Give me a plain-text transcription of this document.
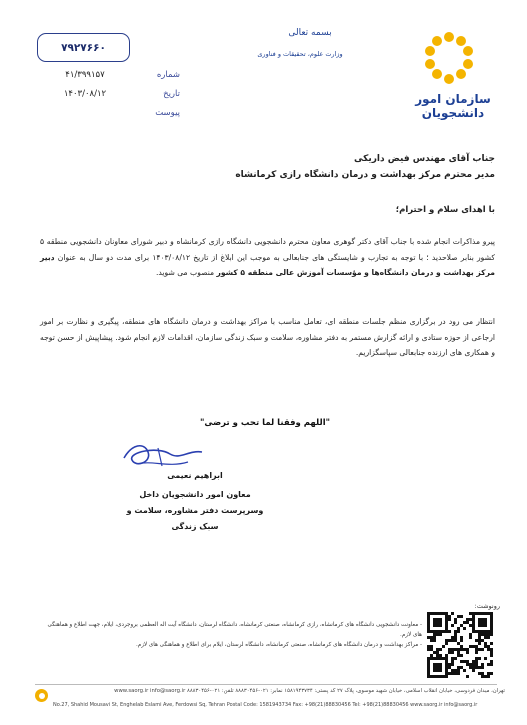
سازمان امور
دانشجویان
بسمه تعالی
وزارت علوم، تحقیقات و فناوری
۷۹۲۷۶۶۰
شماره
۴۱/۳۹۹۱۵۷
تاریخ
۱۴۰۳/۰۸/۱۲
پیوست
جناب آقای مهندس فیض داریکی
مدیر محترم مرکز بهداشت و درمان دانشگاه رازی کرمانشاه
با اهدای سلام و احترام؛
پیرو مذاکرات انجام شده با جناب آقای دکتر گوهری معاون محترم دانشجویی دانشگاه رازی کرمانشاه و دبیر شورای معاونان دانشجویی منطقه ۵ کشور بنابر صلاحدید ؛ با توجه به تجارب و شایستگی های جنابعالی به موجب این ابلاغ از تاریخ ۱۴۰۳/۰۸/۱۲ برای مدت دو سال به عنوان دبیر مرکز بهداشت و درمان دانشگاه‌ها و مؤسسات آموزش عالی منطقه ۵ کشور منصوب می شوید.
انتظار می رود در برگزاری منظم جلسات منطقه ای، تعامل مناسب با مراکز بهداشت و درمان دانشگاه های منطقه، پیگیری و نظارت بر امور ارجاعی از حوزه ستادی و ارائه گزارش مستمر به دفتر مشاوره، سلامت و سبک زندگی سازمان، اقدامات لازم انجام شود. پیشاپیش از حسن توجه و همکاری های ارزنده جنابعالی سپاسگزاریم.
"اللهم وفقنا لما تحب و ترضی"
ابراهیم نعیمی
معاون امور دانشجویان داخل
وسرپرست دفتر مشاوره، سلامت و سبک زندگی
رونوشت:
- معاونت دانشجویی دانشگاه های کرمانشاه، رازی کرمانشاه، صنعتی کرمانشاه، دانشگاه لرستان، دانشگاه آیت اله العظمی بروجردی، ایلام، جهت اطلاع و هماهنگی های لازم.
- مراکز بهداشت و درمان دانشگاه های کرمانشاه، صنعتی کرمانشاه، دانشگاه لرستان، ایلام برای اطلاع و هماهنگی های لازم.
تهران، میدان فردوسی، خیابان انقلاب اسلامی، خیابان شهید موسوی، پلاک ۲۷ کد پستی: ۱۵۸۱۹۴۳۷۳۴ نمابر: ۰۲۱-۸۸۸۳۰۴۵۶ تلفن: ۰۲۱-۸۸۸۳۰۴۵۶ www.saorg.ir info@saorg.ir
No.27, Shahid Mousavi St, Enghelab Eslami Ave, Ferdowsi Sq, Tehran Postal Code: 1581943734 Fax: +98(21)88830456 Tel: +98(21)88830456 www.saorg.ir info@saorg.ir
